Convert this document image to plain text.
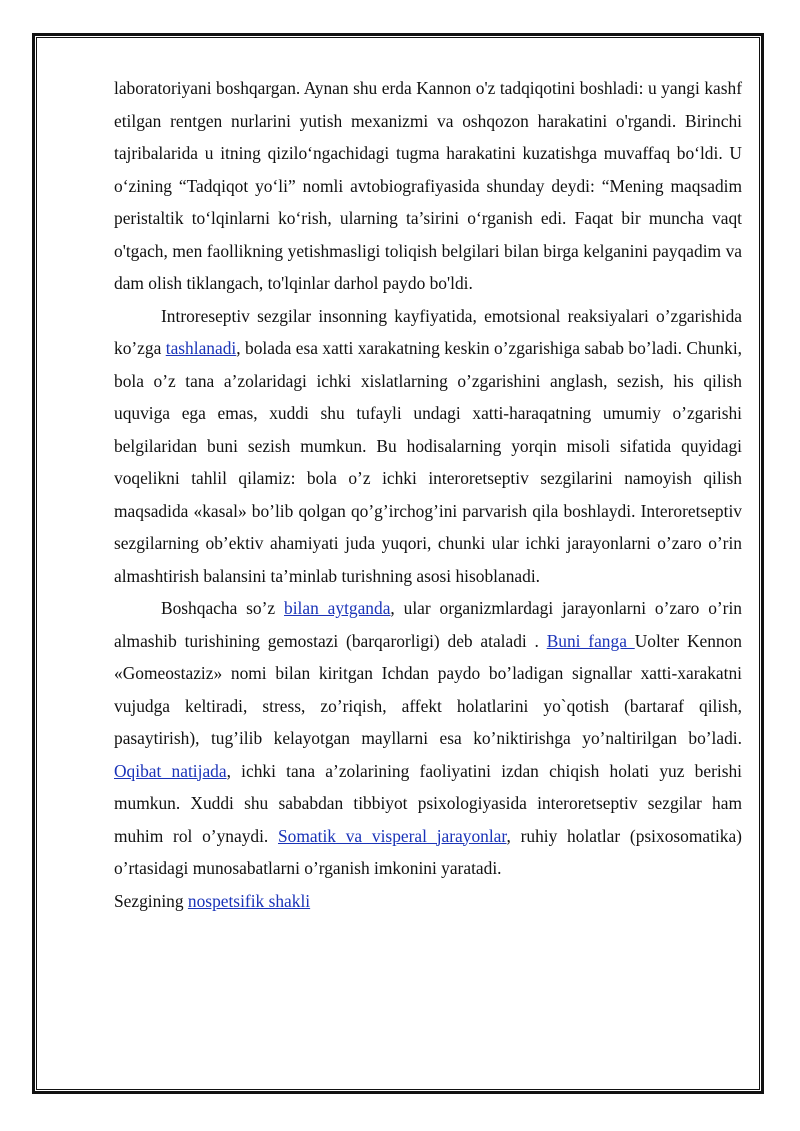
laboratoriyani boshqargan. Aynan shu erda Kannon o'z tadqiqotini boshladi: u yangi kashf etilgan rentgen nurlarini yutish mexanizmi va oshqozon harakatini o'rgandi. Birinchi tajribalarida u itning qizilo‘ngachidagi tugma harakatini kuzatishga muvaffaq bo‘ldi. U o‘zining “Tadqiqot yo‘li” nomli avtobiografiyasida shunday deydi: “Mening maqsadim peristaltik to‘lqinlarni ko‘rish, ularning ta’sirini o‘rganish edi. Faqat bir muncha vaqt o'tgach, men faollikning yetishmasligi toliqish belgilari bilan birga kelganini payqadim va dam olish tiklangach, to'lqinlar darhol paydo bo'ldi.

Introreseptiv sezgilar insonning kayfiyatida, emotsional reaksiyalari o’zgarishida ko’zga tashlanadi, bolada esa xatti xarakatning keskin o’zgarishiga sabab bo’ladi. Chunki, bola o’z tana a’zolaridagi ichki xislatlarning o’zgarishini anglash, sezish, his qilish uquviga ega emas, xuddi shu tufayli undagi xatti-haraqatning umumiy o’zgarishi belgilaridan buni sezish mumkun. Bu hodisalarning yorqin misoli sifatida quyidagi voqelikni tahlil qilamiz: bola o’z ichki interoretseptiv sezgilarini namoyish qilish maqsadida «kasal» bo’lib qolgan qo’g’irchog’ini parvarish qila boshlaydi. Interoretseptiv sezgilarning ob’ektiv ahamiyati juda yuqori, chunki ular ichki jarayonlarni o’zaro o’rin almashtirish balansini ta’minlab turishning asosi hisoblanadi.

Boshqacha so’z bilan aytganda, ular organizmlardagi jarayonlarni o’zaro o’rin almashib turishining gemostazi (barqarorligi) deb ataladi . Buni fanga Uolter Kennon «Gomeostaziz» nomi bilan kiritgan Ichdan paydo bo’ladigan signallar xatti-xarakatni vujudga keltiradi, stress, zo’riqish, affekt holatlarini yo`qotish (bartaraf qilish, pasaytirish), tug’ilib kelayotgan mayllarni esa ko’niktirishga yo’naltirilgan bo’ladi. Oqibat natijada, ichki tana a’zolarining faoliyatini izdan chiqish holati yuz berishi mumkun. Xuddi shu sababdan tibbiyot psixologiyasida interoretseptiv sezgilar ham muhim rol o’ynaydi. Somatik va visperal jarayonlar, ruhiy holatlar (psixosomatika) o’rtasidagi munosabatlarni o’rganish imkonini yaratadi.

Sezgining nospetsifik shakli
